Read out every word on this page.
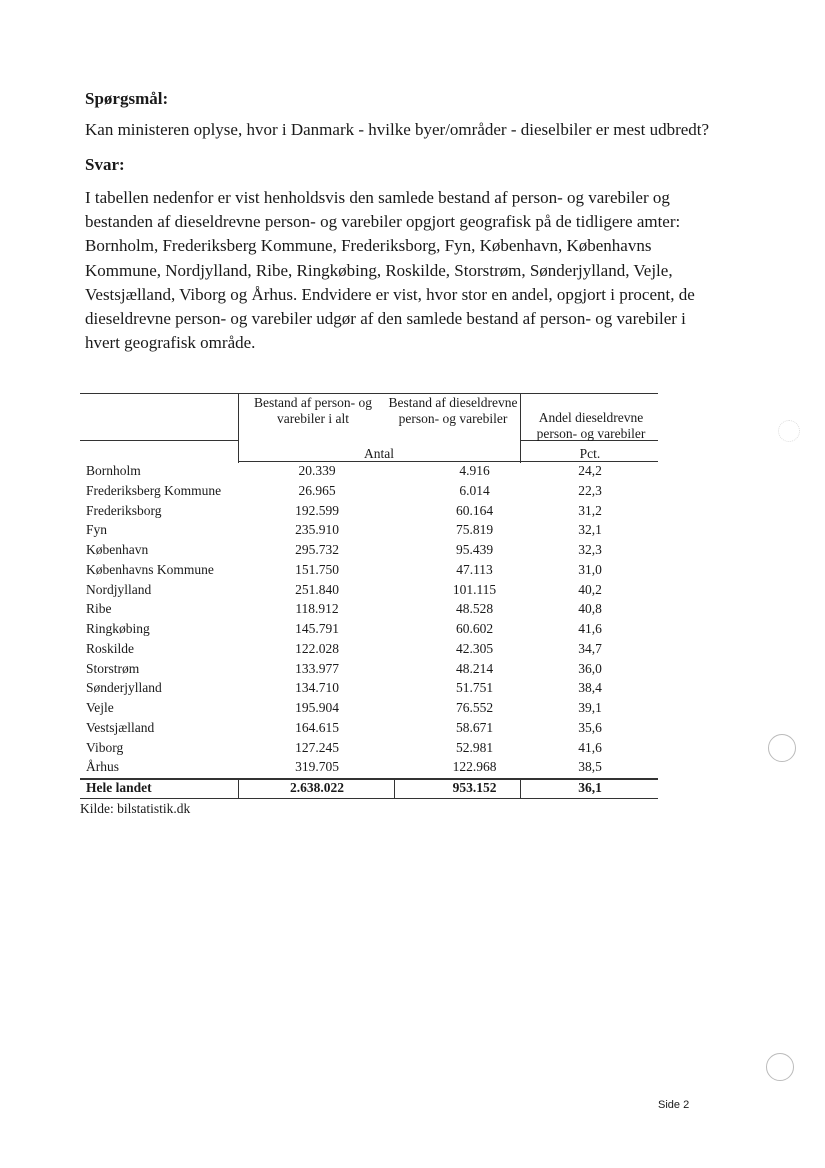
Spørgsmål:
Kan ministeren oplyse, hvor i Danmark - hvilke byer/områder - dieselbiler er mest udbredt?
Svar:
I tabellen nedenfor er vist henholdsvis den samlede bestand af person- og varebiler og bestanden af dieseldrevne person- og varebiler opgjort geografisk på de tidligere amter: Bornholm, Frederiksberg Kommune, Frederiksborg, Fyn, København, Københavns Kommune, Nordjylland, Ribe, Ringkøbing, Roskilde, Storstrøm, Sønderjylland, Vejle, Vestsjælland, Viborg og Århus. Endvidere er vist, hvor stor en andel, opgjort i procent, de dieseldrevne person- og varebiler udgør af den samlede bestand af person- og varebiler i hvert geografisk område.
Bestand af person- og varebiler i alt
Bestand af dieseldrevne person- og varebiler	Andel dieseldrevne person- og varebiler
Antal	Pct.
Bornholm	20.339	4.916	24,2
Frederiksberg Kommune	26.965	6.014	22,3
Frederiksborg	192.599	60.164	31,2
Fyn	235.910	75.819	32,1
København	295.732	95.439	32,3
Københavns Kommune	151.750	47.113	31,0
Nordjylland	251.840	101.115	40,2
Ribe	118.912	48.528	40,8
Ringkøbing	145.791	60.602	41,6
Roskilde	122.028	42.305	34,7
Storstrøm	133.977	48.214	36,0
Sønderjylland	134.710	51.751	38,4
Vejle	195.904	76.552	39,1
Vestsjælland	164.615	58.671	35,6
Viborg	127.245	52.981	41,6
Århus	319.705	122.968	38,5
Hele landet	2.638.022	953.152	36,1
Kilde: bilstatistik.dk
Side 2
